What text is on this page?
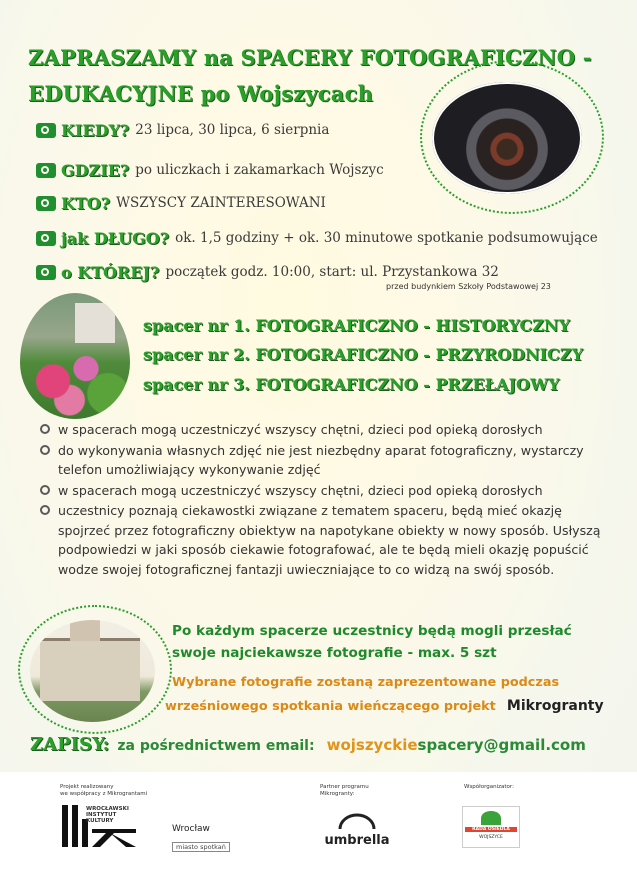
ZAPRASZAMY na SPACERY FOTOGRAFICZNO -
EDUKACYJNE po Wojszycach
KIEDY? 23 lipca, 30 lipca, 6 sierpnia
GDZIE? po uliczkach i zakamarkach Wojszyc
KTO? WSZYSCY ZAINTERESOWANI
jak DŁUGO? ok. 1,5 godziny + ok. 30 minutowe spotkanie podsumowujące
o KTÓREJ? początek godz. 10:00, start: ul. Przystankowa 32
przed budynkiem Szkoły Podstawowej 23
spacer nr 1. FOTOGRAFICZNO - HISTORYCZNY
spacer nr 2. FOTOGRAFICZNO - PRZYRODNICZY
spacer nr 3. FOTOGRAFICZNO - PRZEŁAJOWY
w spacerach mogą uczestniczyć wszyscy chętni, dzieci pod opieką dorosłych
do wykonywania własnych zdjęć nie jest niezbędny aparat fotograficzny, wystarczy telefon umożliwiający wykonywanie zdjęć
w spacerach mogą uczestniczyć wszyscy chętni, dzieci pod opieką dorosłych
uczestnicy poznają ciekawostki związane z tematem spaceru, będą mieć okazję spojrzeć przez fotograficzny obiektyw na napotykane obiekty w nowy sposób. Usłyszą podpowiedzi w jaki sposób ciekawie fotografować, ale te będą mieli okazję popuścić wodze swojej fotograficznej fantazji uwieczniające to co widzą na swój sposób.
Po każdym spacerze uczestnicy będą mogli przesłać
swoje najciekawsze fotografie - max. 5 szt
Wybrane fotografie zostaną zaprezentowane podczas
wrześniowego spotkania wieńczącego projekt Mikrogranty
ZAPISY: za pośrednictwem email: wojszyckiespacery@gmail.com
Projekt realizowany
we współpracy z Mikrograntami
Partner programu
Mikrogranty:
Współorganizator:
WROCŁAWSKI
INSTYTUT
KULTURY
Wrocław
miasto spotkań	umbrella
RADA OSIEDLA
WOJSZYCE
